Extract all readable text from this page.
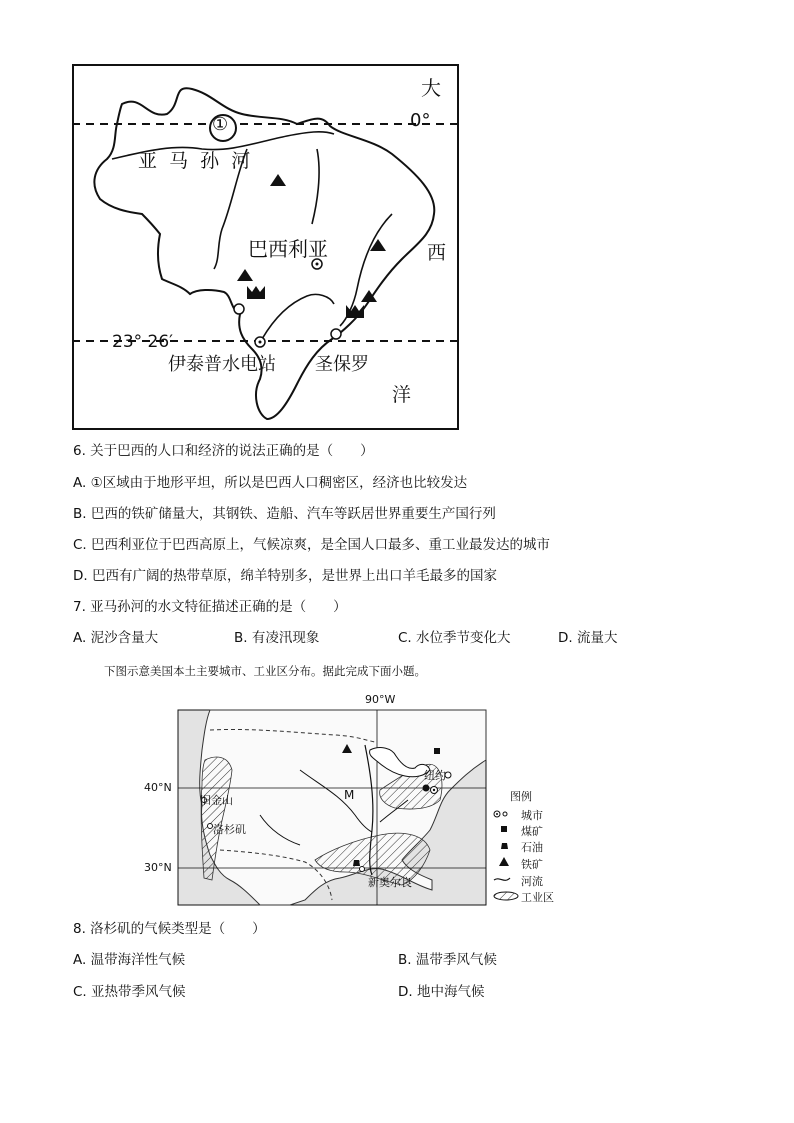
大
0°
①
亚  马  孙  河
巴西利亚	西
23° 26′
伊泰普水电站 圣保罗
洋
6. 关于巴西的人口和经济的说法正确的是（　　）
A. ①区域由于地形平坦，所以是巴西人口稠密区，经济也比较发达
B. 巴西的铁矿储量大，其钢铁、造船、汽车等跃居世界重要生产国行列
C. 巴西利亚位于巴西高原上，气候凉爽，是全国人口最多、重工业最发达的城市
D. 巴西有广阔的热带草原，绵羊特别多，是世界上出口羊毛最多的国家
7. 亚马孙河的水文特征描述正确的是（　　）
A. 泥沙含量大	B. 有凌汛现象	C. 水位季节变化大	D. 流量大
下图示意美国本土主要城市、工业区分布。据此完成下面小题。
90°W
40°N
30°N
旧金山
洛杉矶
纽约
M
新奥尔良
图例
城市
煤矿
石油
铁矿
河流
工业区
8. 洛杉矶的气候类型是（　　）
A. 温带海洋性气候	B. 温带季风气候
C. 亚热带季风气候	D. 地中海气候
